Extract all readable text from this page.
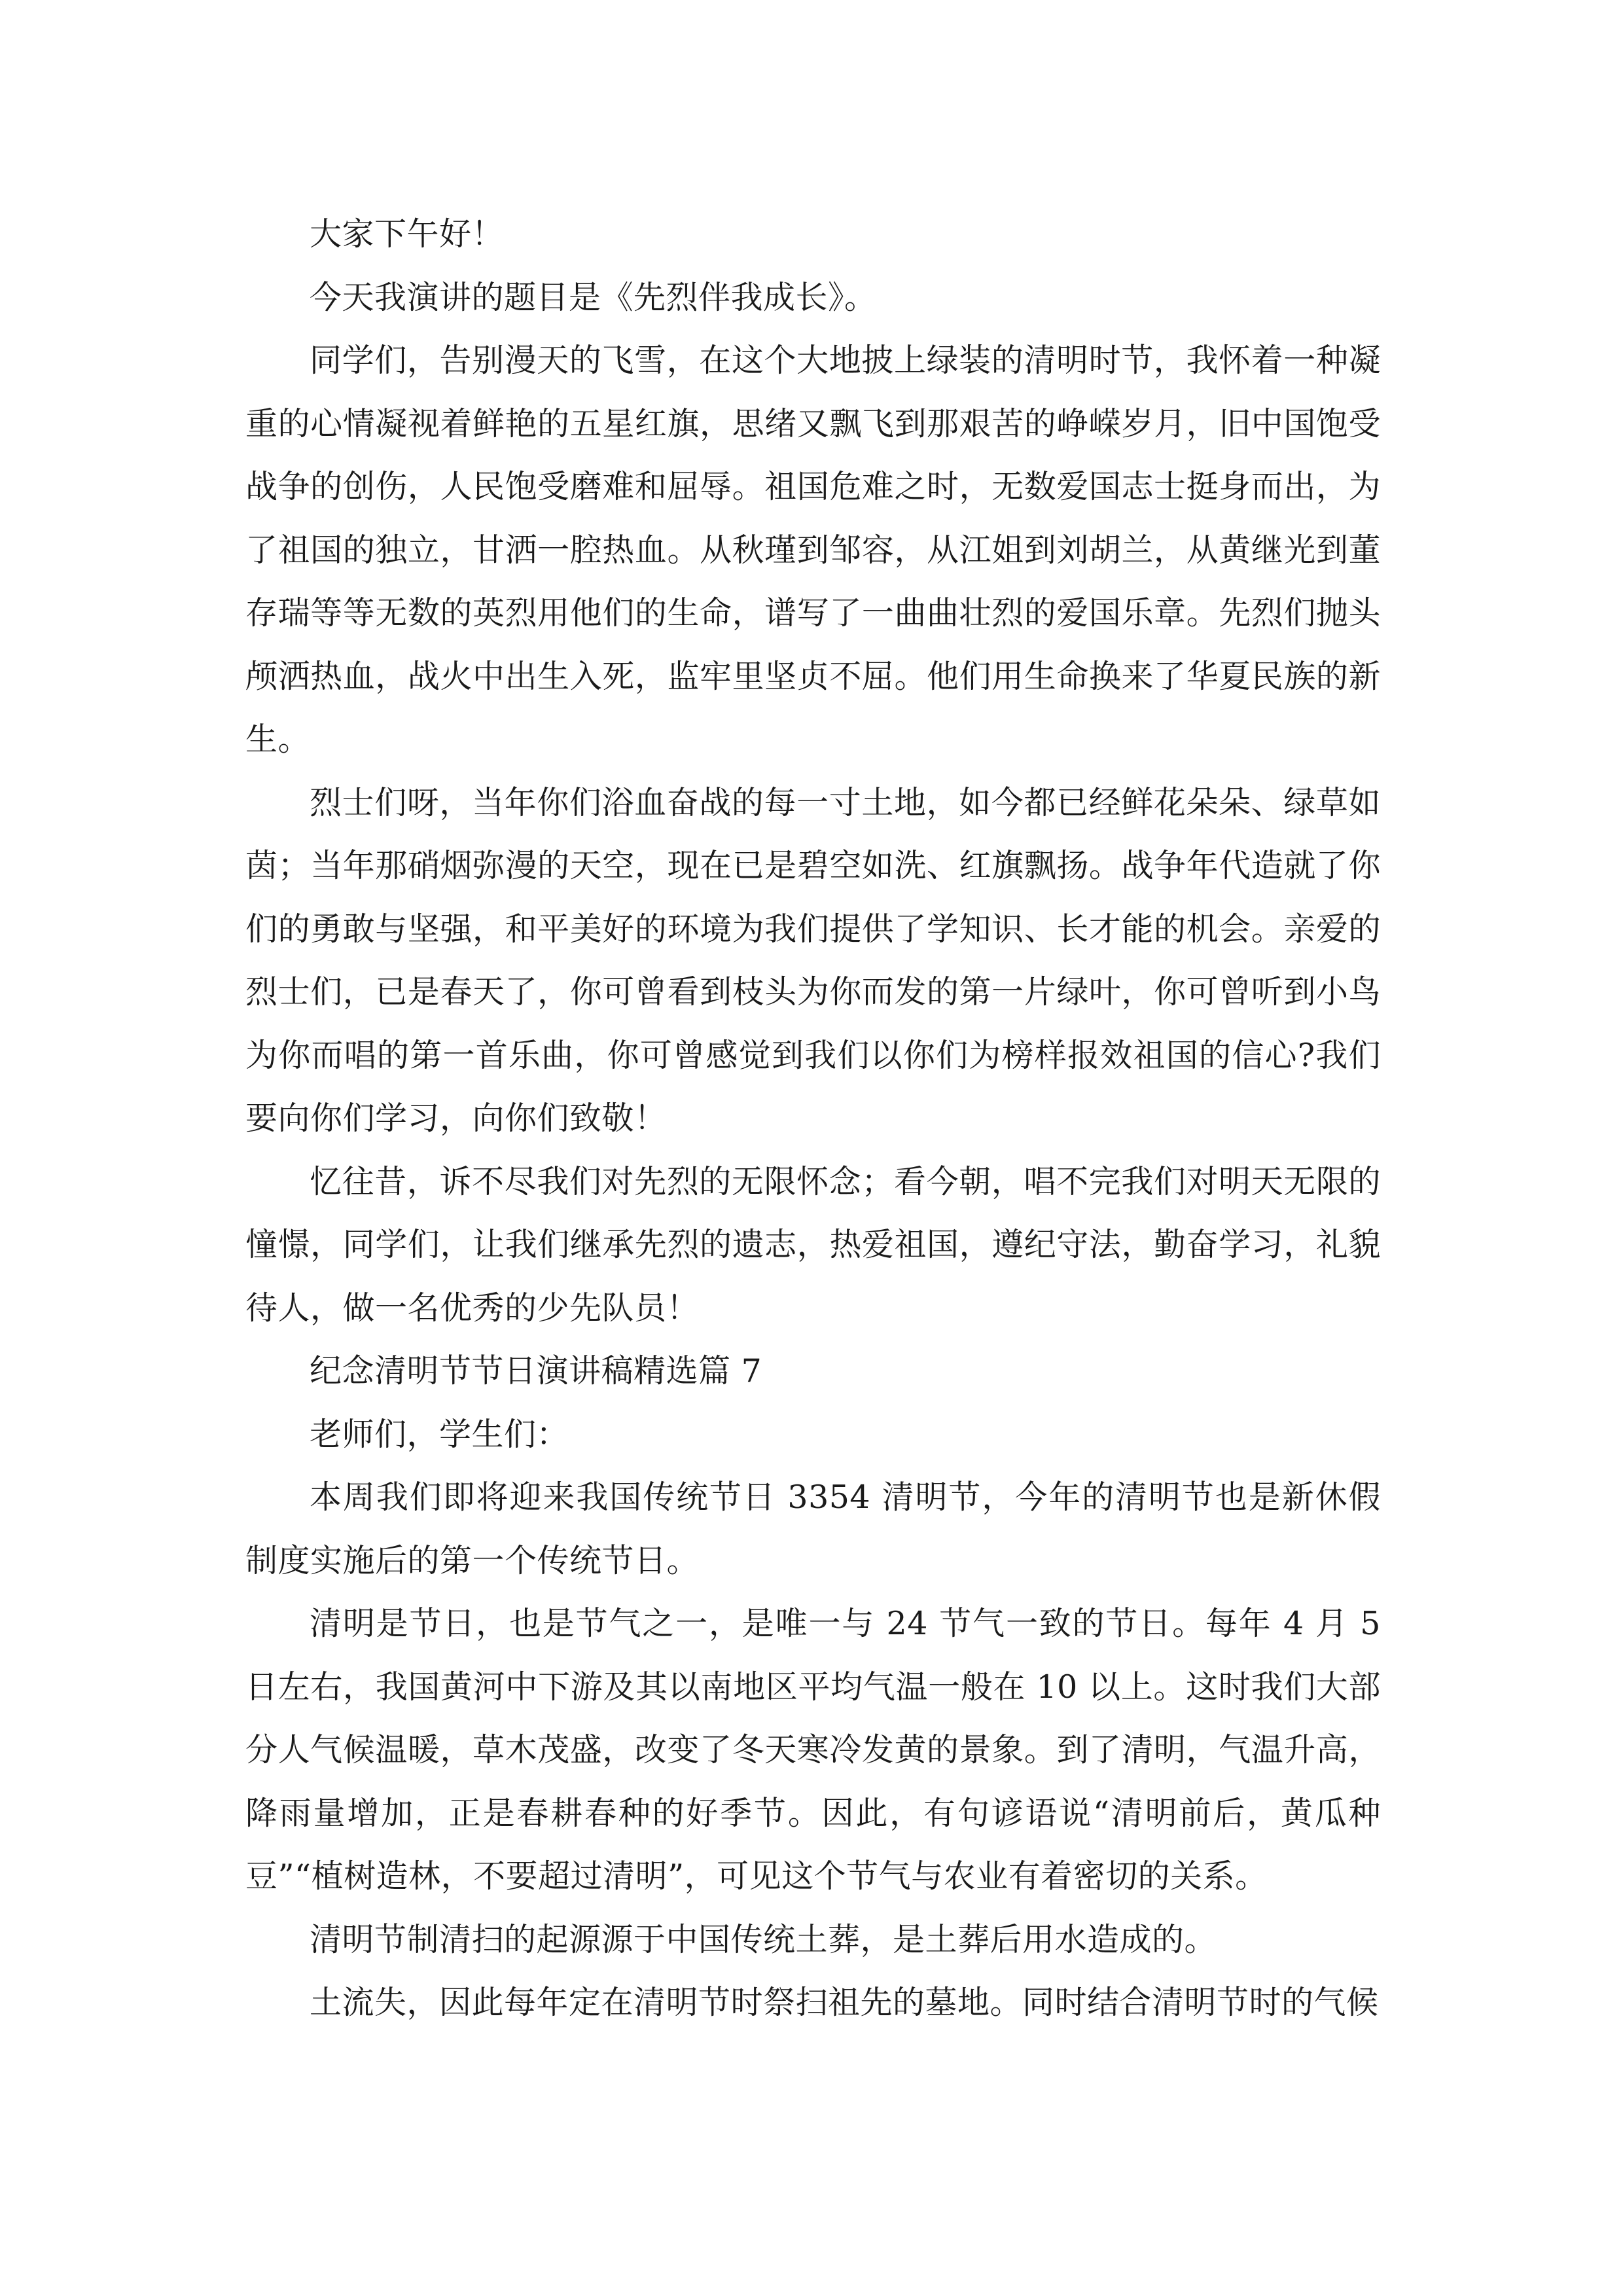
大家下午好！

今天我演讲的题目是《先烈伴我成长》。

同学们，告别漫天的飞雪，在这个大地披上绿装的清明时节，我怀着一种凝重的心情凝视着鲜艳的五星红旗，思绪又飘飞到那艰苦的峥嵘岁月，旧中国饱受战争的创伤，人民饱受磨难和屈辱。祖国危难之时，无数爱国志士挺身而出，为了祖国的独立，甘洒一腔热血。从秋瑾到邹容，从江姐到刘胡兰，从黄继光到董存瑞等等无数的英烈用他们的生命，谱写了一曲曲壮烈的爱国乐章。先烈们抛头颅洒热血，战火中出生入死，监牢里坚贞不屈。他们用生命换来了华夏民族的新生。

烈士们呀，当年你们浴血奋战的每一寸土地，如今都已经鲜花朵朵、绿草如茵；当年那硝烟弥漫的天空，现在已是碧空如洗、红旗飘扬。战争年代造就了你们的勇敢与坚强，和平美好的环境为我们提供了学知识、长才能的机会。亲爱的烈士们，已是春天了，你可曾看到枝头为你而发的第一片绿叶，你可曾听到小鸟为你而唱的第一首乐曲，你可曾感觉到我们以你们为榜样报效祖国的信心?我们要向你们学习，向你们致敬！

忆往昔，诉不尽我们对先烈的无限怀念；看今朝，唱不完我们对明天无限的憧憬，同学们，让我们继承先烈的遗志，热爱祖国，遵纪守法，勤奋学习，礼貌待人，做一名优秀的少先队员！

纪念清明节节日演讲稿精选篇 7

老师们，学生们：

本周我们即将迎来我国传统节日 3354 清明节，今年的清明节也是新休假制度实施后的第一个传统节日。

清明是节日，也是节气之一，是唯一与 24 节气一致的节日。每年 4 月 5 日左右，我国黄河中下游及其以南地区平均气温一般在 10 以上。这时我们大部分人气候温暖，草木茂盛，改变了冬天寒冷发黄的景象。到了清明，气温升高，降雨量增加，正是春耕春种的好季节。因此，有句谚语说“清明前后，黄瓜种豆”“植树造林，不要超过清明”，可见这个节气与农业有着密切的关系。

清明节制清扫的起源源于中国传统土葬，是土葬后用水造成的。

土流失，因此每年定在清明节时祭扫祖先的墓地。同时结合清明节时的气候
